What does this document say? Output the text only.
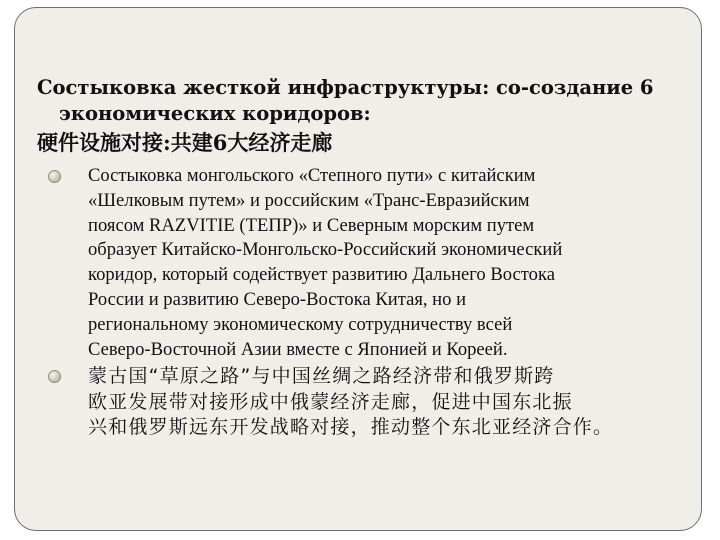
Состыковка жесткой инфраструктуры: со-создание 6
экономических коридоров:
硬件设施对接:共建6大经济走廊
Состыковка монгольского «Степного пути» с китайским
«Шелковым путем» и российским «Транс-Евразийским
поясом RAZVITIE (ТЕПР)» и Северным морским путем
образует Китайско-Монгольско-Российский экономический
коридор, который содействует развитию Дальнего Востока
России и развитию Северо-Востока Китая, но и
региональному экономическому сотрудничеству всей
Северо-Восточной Азии вместе с Японией и Кореей.
蒙古国“草原之路”与中国丝绸之路经济带和俄罗斯跨
欧亚发展带对接形成中俄蒙经济走廊，促进中国东北振
兴和俄罗斯远东开发战略对接，推动整个东北亚经济合作。
